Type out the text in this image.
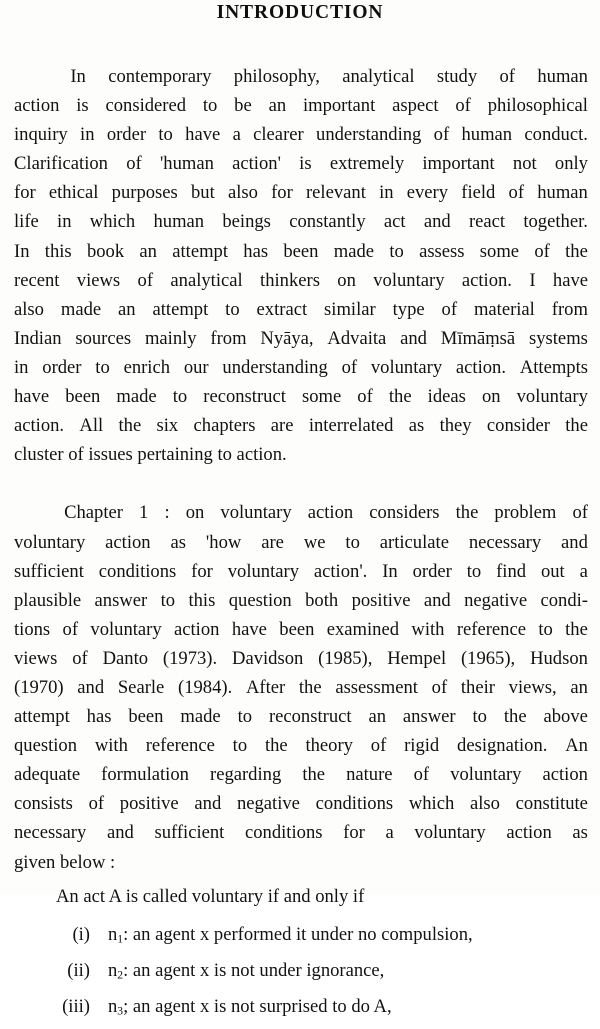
INTRODUCTION
In contemporary philosophy, analytical study of human
action is considered to be an important aspect of philosophical
inquiry in order to have a clearer understanding of human conduct.
Clarification of 'human action' is extremely important not only
for ethical purposes but also for relevant in every field of human
life in which human beings constantly act and react together.
In this book an attempt has been made to assess some of the
recent views of analytical thinkers on voluntary action. I have
also made an attempt to extract similar type of material from
Indian sources mainly from Nyāya, Advaita and Mīmāṃsā systems
in order to enrich our understanding of voluntary action. Attempts
have been made to reconstruct some of the ideas on voluntary
action. All the six chapters are interrelated as they consider the
cluster of issues pertaining to action.
Chapter 1 : on voluntary action considers the problem of
voluntary action as 'how are we to articulate necessary and
sufficient conditions for voluntary action'. In order to find out a
plausible answer to this question both positive and negative condi-
tions of voluntary action have been examined with reference to the
views of Danto (1973). Davidson (1985), Hempel (1965), Hudson
(1970) and Searle (1984). After the assessment of their views, an
attempt has been made to reconstruct an answer to the above
question with reference to the theory of rigid designation. An
adequate formulation regarding the nature of voluntary action
consists of positive and negative conditions which also constitute
necessary and sufficient conditions for a voluntary action as
given below :
An act A is called voluntary if and only if
(i) $n_1$: an agent x performed it under no compulsion,
(ii) $n_2$: an agent x is not under ignorance,
(iii) $n_3$; an agent x is not surprised to do A,
